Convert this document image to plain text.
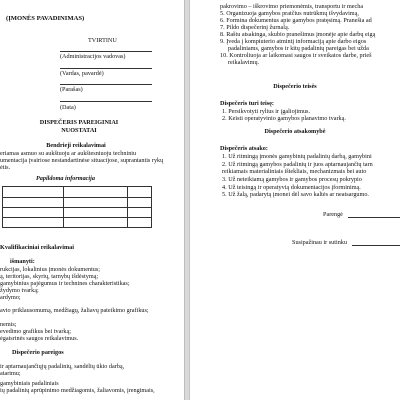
(ĮMONĖS PAVADINIMAS)
TVIRTINU
(Administracijos vadovas)
(Vardas, pavardė)
(Parašas)
(Data)
DISPEČERIS PAREIGINIAI
NUOSTATAI
Bendrieji reikalavimai
eriamas asmuo su aukštuoju ar aukštesniuoju techniniu
umentacija įvairiose nestandartinėse situacijose, suprantantis rykų
ėtis.
Papildoma informacija
Kvalifikaciniai reikalavimai
išmanyti:
rukcijas, lokalinius įmonės dokumentus;
ą, teritorijas, skyrių, tarnybų išdėstymą;
gamybinius pajėgumus ir technines charakteristikas;
žydymo tvarką;
ardymo;
avio priklausomumą, medžiagų, žaliavų pateikimo grafikus;
nemis;
evedimo grafikus bei tvarką;
ėgaisrinės saugos reikalavimus.
Dispečerio pareigos
ir aptarnaujančiųjų padalinių, sandėlių ūkio darbą,
atarimu;
gamybiniais padaliniais
ių padalinių aprūpinimo medžiagomis, žaliavomis, įrengimais,
pakrovimo – iškrovimo priemonėmis, transportu ir mecha
5. Organizuoja gamybos pratčius nutrūkmų išvydavimą,
6. Formina dokumentus apie gamybos pratęsimą. Pranešia ad
7. Pildo dispečerinį žurnalą.
8. Raštu atsakinga, skubio pranešimus įmonėje apie darbų eigą
9. Įveda į kompiuterio atmintį informaciją apie darbo eigos
padaliniams, gamybos ir kitų padalinių pareigas bei užda
10. Kontroliuoja ar laikomasi saugos ir sveikatos darbe, prieš
reikalavimų.
Dispečerio teisės
Dispečeris turi teisę:
1. Persikvotyti rylius ir įgaliojimus.
2. Keisti operatyvinio gamybos planavimo tvarką.
Dispečerio atsakomybė
Dispečeris atsako:
1. Už ritmingą įmonės gamybinių padalinių darbą, gamybini
2. Už ritmingą gamybos padalinių ir juos aptarnaujančių tarn
reikiamais materialiniais ištekliais, mechanizmais bei auto
3. Už neteikiamą gamybos ir gamybos procesų pokrypio
4. Už teisingą ir operatyvią dokumentacijos įforminimą.
5. Už žalą, padarytą įmonei dėl savo kaltės ar neatsargumo.
Parengė
Susipažinau ir sutinku
